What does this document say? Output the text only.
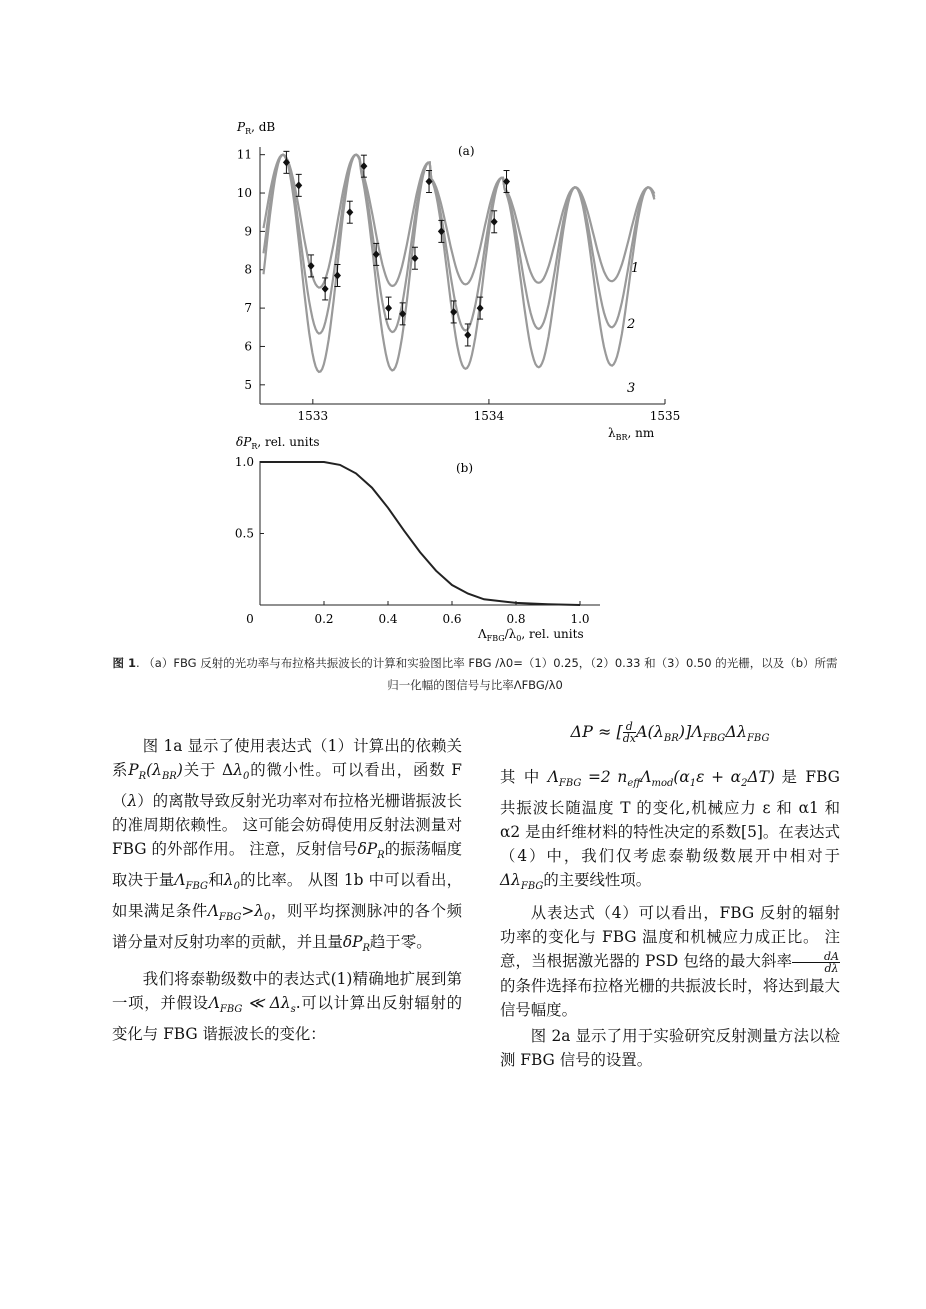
$P_R$, dB
(a)
$\lambda_{BR}$, nm
1533	1534	1535
5
6
7
8
9
10
11
1
2
3
$\delta P_R$, rel. units
(b)
$\Lambda_{FBG}/\lambda_0$, rel. units
0	0.2	0.4	0.6	0.8	1.0
1.0
0.5
图 1. （a）FBG 反射的光功率与布拉格共振波长的计算和实验图比率 FBG /λ0=（1）0.25，（2）0.33 和（3）0.50 的光栅，以及（b）所需归一化幅的图信号与比率ΛFBG/λ0

图 1a 显示了使用表达式（1）计算出的依赖关系$P_R(\lambda_{BR})$关于 $\Delta\lambda_0$的微小性。可以看出，函数 F（λ）的离散导致反射光功率对布拉格光栅谐振波长的准周期依赖性。 这可能会妨碍使用反射法测量对 FBG 的外部作用。 注意，反射信号$\delta P_R$的振荡幅度取决于量$\Lambda_{FBG}$和$\lambda_0$的比率。 从图 1b 中可以看出，如果满足条件$\Lambda_{FBG}>\lambda_0$，则平均探测脉冲的各个频谱分量对反射功率的贡献，并且量$\delta P_R$趋于零。

我们将泰勒级数中的表达式(1)精确地扩展到第一项，并假设$\Lambda_{FBG}$ ≪ $\Delta\lambda_s$.可以计算出反射辐射的变化与 FBG 谐振波长的变化：

ΔP ≈ [ $\frac{d}{dx} A(\lambda_{BR})]\Lambda_{FBG}\Delta\lambda_{FBG}$

其 中 $\Lambda_{FBG} =2$ $n_{eff}\Lambda_{mod}(\alpha_1\varepsilon + \alpha_2\Delta T)$ 是 FBG 共振波长随温度 T 的变化,机械应力 ε 和 α1 和 α2 是由纤维材料的特性决定的系数[5]。在表达式（4）中，我们仅考虑泰勒级数展开中相对于$\Delta\lambda_{FBG}$的主要线性项。

从表达式（4）可以看出，FBG 反射的辐射功率的变化与 FBG 温度和机械应力成正比。 注意，当根据激光器的 PSD 包络的最大斜率 $\frac{dA}{d\lambda}$
的条件选择布拉格光栅的共振波长时，将达到最大信号幅度。

图 2a 显示了用于实验研究反射测量方法以检测 FBG 信号的设置。
